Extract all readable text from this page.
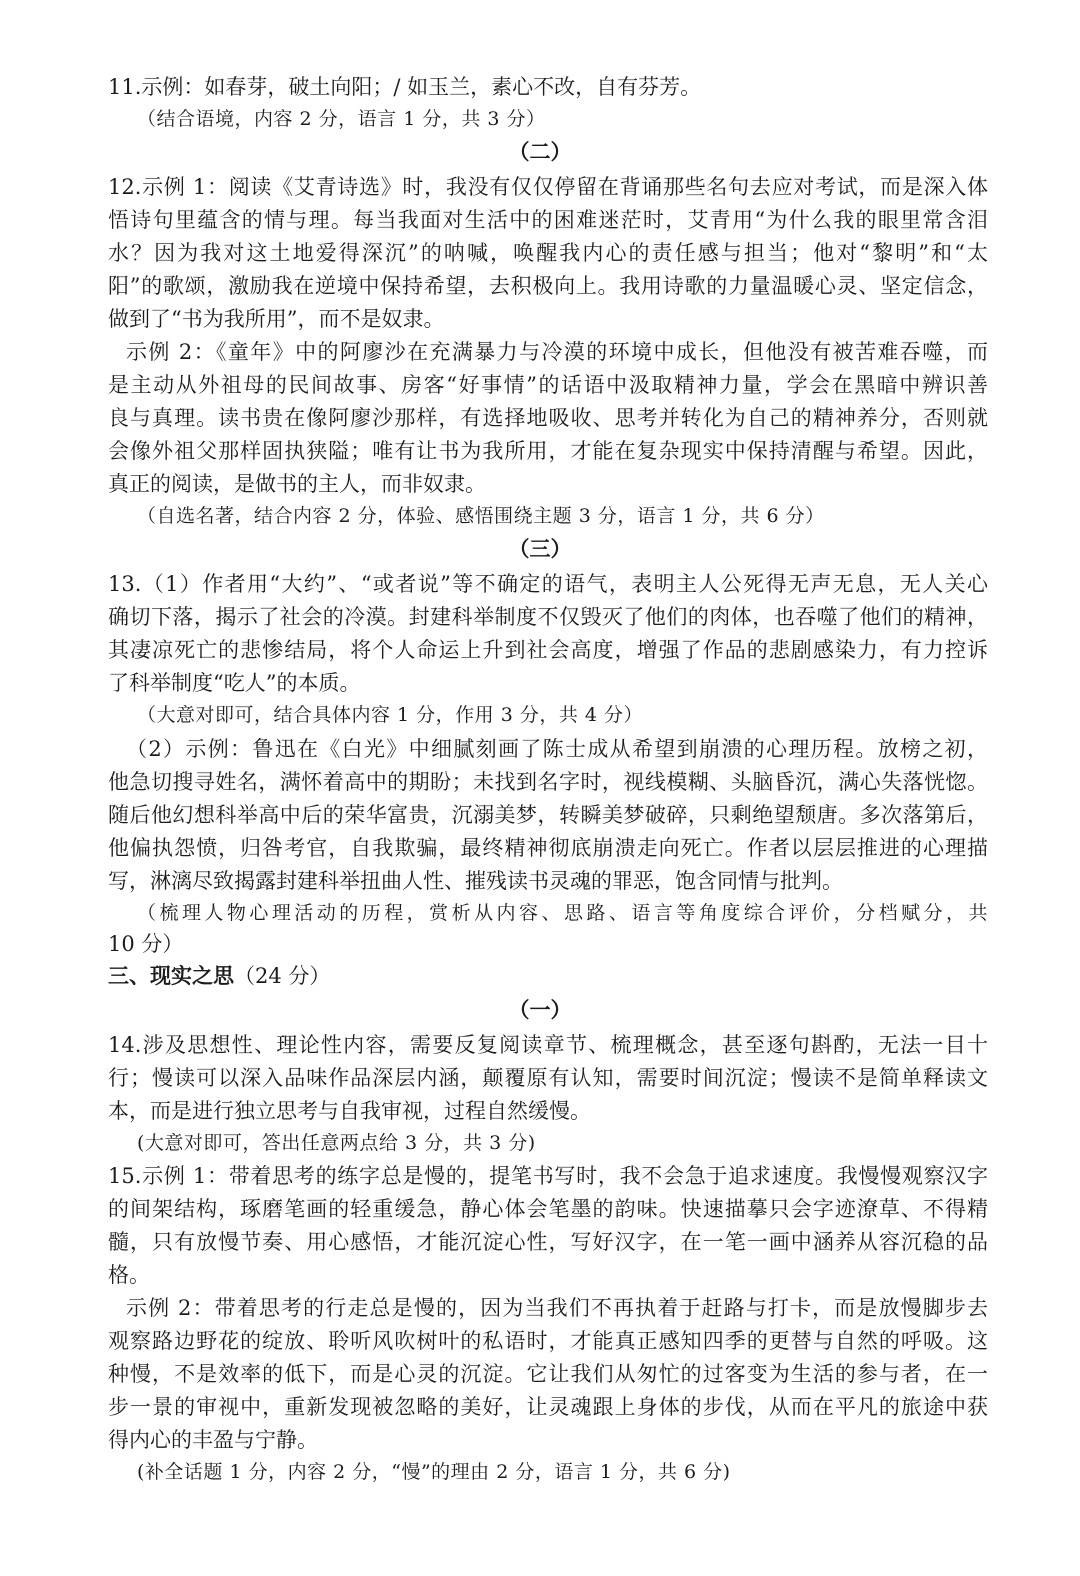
11.示例：如春芽，破土向阳；/ 如玉兰，素心不改，自有芬芳。
（结合语境，内容 2 分，语言 1 分，共 3 分）
（二）
12.示例 1：阅读《艾青诗选》时，我没有仅仅停留在背诵那些名句去应对考试，而是深入体
悟诗句里蕴含的情与理。每当我面对生活中的困难迷茫时，艾青用“为什么我的眼里常含泪
水？因为我对这土地爱得深沉”的呐喊，唤醒我内心的责任感与担当；他对“黎明”和“太
阳”的歌颂，激励我在逆境中保持希望，去积极向上。我用诗歌的力量温暖心灵、坚定信念，
做到了“书为我所用”，而不是奴隶。
示例 2：《童年》中的阿廖沙在充满暴力与冷漠的环境中成长，但他没有被苦难吞噬，而
是主动从外祖母的民间故事、房客“好事情”的话语中汲取精神力量，学会在黑暗中辨识善
良与真理。读书贵在像阿廖沙那样，有选择地吸收、思考并转化为自己的精神养分，否则就
会像外祖父那样固执狭隘；唯有让书为我所用，才能在复杂现实中保持清醒与希望。因此，
真正的阅读，是做书的主人，而非奴隶。
（自选名著，结合内容 2 分，体验、感悟围绕主题 3 分，语言 1 分，共 6 分）
（三）
13.（1）作者用“大约”、“或者说”等不确定的语气，表明主人公死得无声无息，无人关心
确切下落，揭示了社会的冷漠。封建科举制度不仅毁灭了他们的肉体，也吞噬了他们的精神，
其凄凉死亡的悲惨结局，将个人命运上升到社会高度，增强了作品的悲剧感染力，有力控诉
了科举制度“吃人”的本质。
（大意对即可，结合具体内容 1 分，作用 3 分，共 4 分）
（2）示例：鲁迅在《白光》中细腻刻画了陈士成从希望到崩溃的心理历程。放榜之初，
他急切搜寻姓名，满怀着高中的期盼；未找到名字时，视线模糊、头脑昏沉，满心失落恍惚。
随后他幻想科举高中后的荣华富贵，沉溺美梦，转瞬美梦破碎，只剩绝望颓唐。多次落第后，
他偏执怨愤，归咎考官，自我欺骗，最终精神彻底崩溃走向死亡。作者以层层推进的心理描
写，淋漓尽致揭露封建科举扭曲人性、摧残读书灵魂的罪恶，饱含同情与批判。
（梳理人物心理活动的历程，赏析从内容、思路、语言等角度综合评价，分档赋分，共
10 分）
三、现实之思（24 分）
（一）
14.涉及思想性、理论性内容，需要反复阅读章节、梳理概念，甚至逐句斟酌，无法一目十
行；慢读可以深入品味作品深层内涵，颠覆原有认知，需要时间沉淀；慢读不是简单释读文
本，而是进行独立思考与自我审视，过程自然缓慢。
(大意对即可，答出任意两点给 3 分，共 3 分)
15.示例 1：带着思考的练字总是慢的，提笔书写时，我不会急于追求速度。我慢慢观察汉字
的间架结构，琢磨笔画的轻重缓急，静心体会笔墨的韵味。快速描摹只会字迹潦草、不得精
髓，只有放慢节奏、用心感悟，才能沉淀心性，写好汉字，在一笔一画中涵养从容沉稳的品
格。
示例 2：带着思考的行走总是慢的，因为当我们不再执着于赶路与打卡，而是放慢脚步去
观察路边野花的绽放、聆听风吹树叶的私语时，才能真正感知四季的更替与自然的呼吸。这
种慢，不是效率的低下，而是心灵的沉淀。它让我们从匆忙的过客变为生活的参与者，在一
步一景的审视中，重新发现被忽略的美好，让灵魂跟上身体的步伐，从而在平凡的旅途中获
得内心的丰盈与宁静。
(补全话题 1 分，内容 2 分，“慢”的理由 2 分，语言 1 分，共 6 分)
